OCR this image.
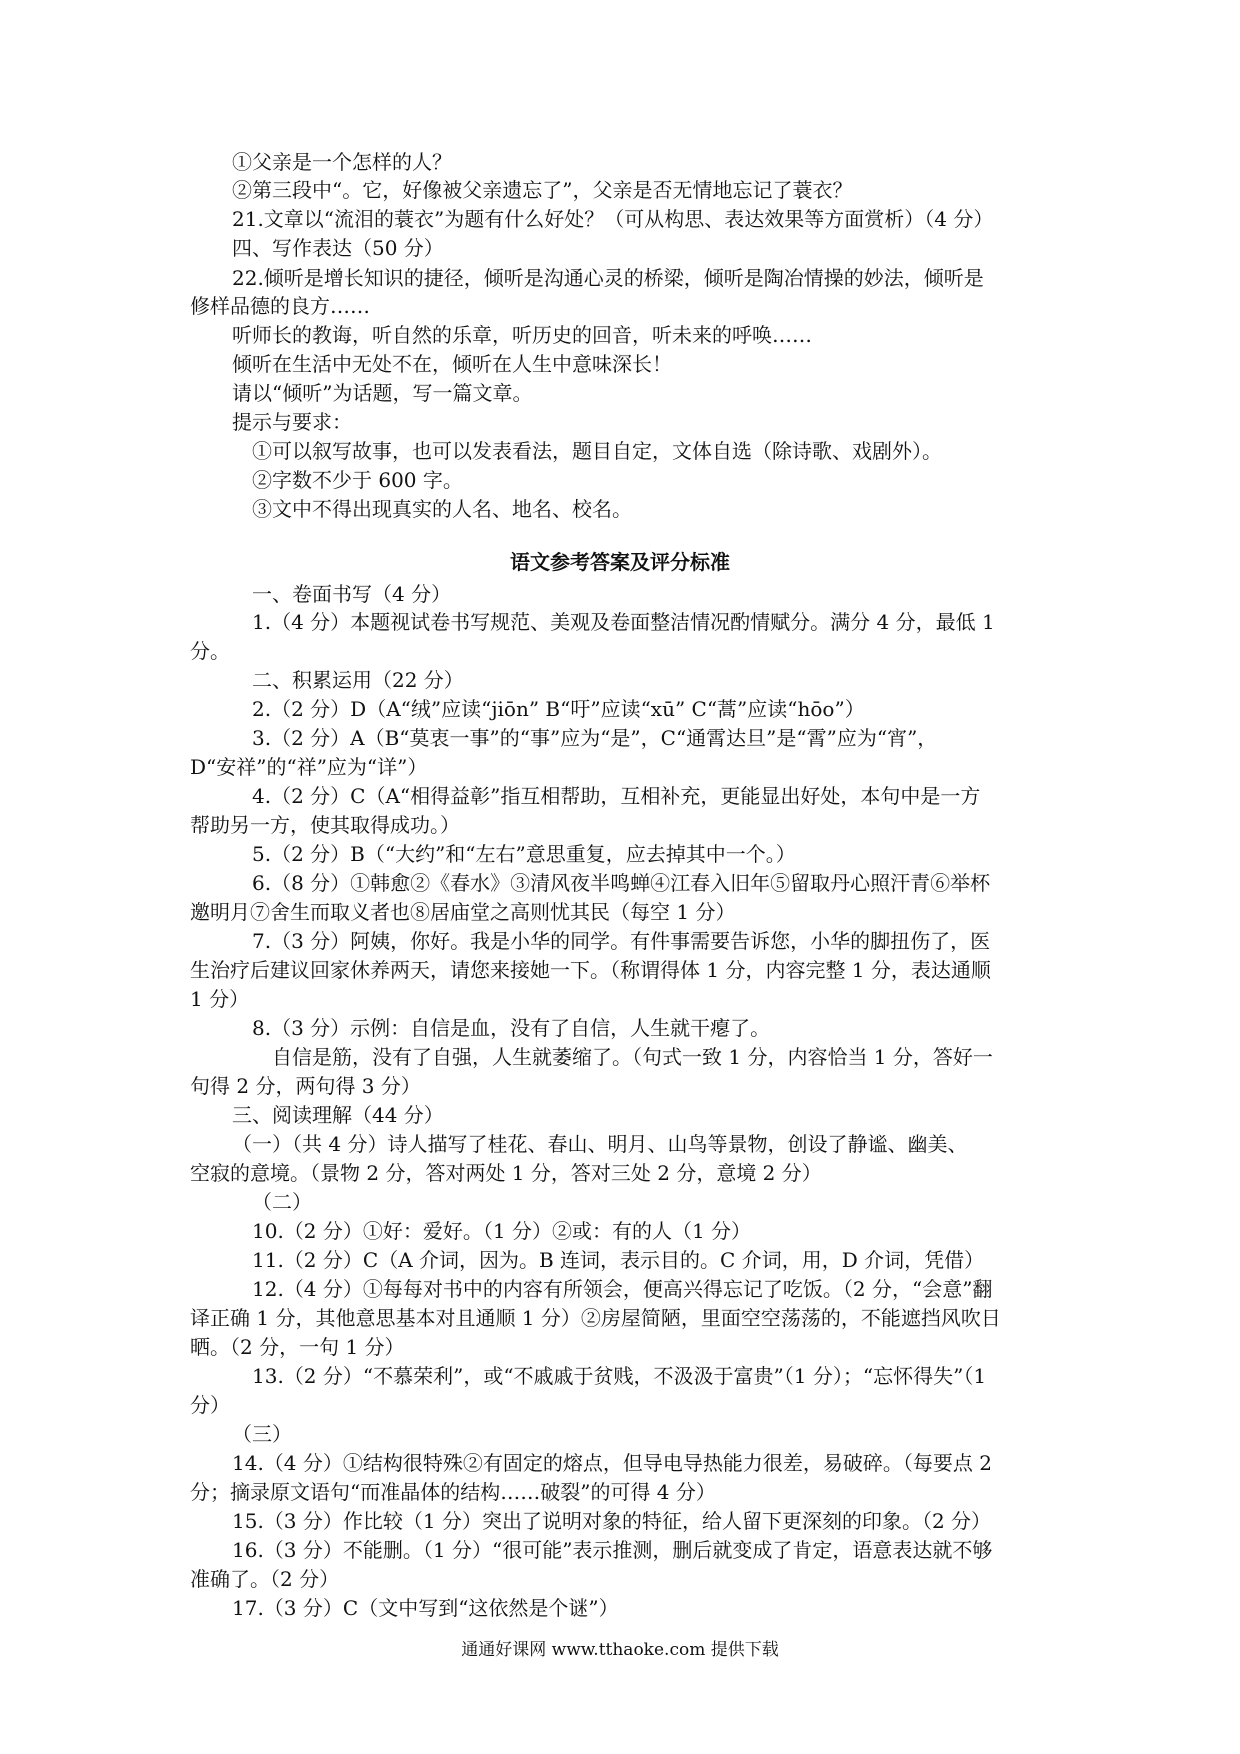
①父亲是一个怎样的人？
②第三段中“。它，好像被父亲遗忘了”，父亲是否无情地忘记了蓑衣？
21.文章以“流泪的蓑衣”为题有什么好处？（可从构思、表达效果等方面赏析）（4 分）
四、写作表达（50 分）
22.倾听是增长知识的捷径，倾听是沟通心灵的桥梁，倾听是陶冶情操的妙法，倾听是
修样品德的良方……
听师长的教诲，听自然的乐章，听历史的回音，听未来的呼唤……
倾听在生活中无处不在，倾听在人生中意味深长！
请以“倾听”为话题，写一篇文章。
提示与要求：
①可以叙写故事，也可以发表看法，题目自定，文体自选（除诗歌、戏剧外）。
②字数不少于 600 字。
③文中不得出现真实的人名、地名、校名。
语文参考答案及评分标准
一、卷面书写（4 分）
1.（4 分）本题视试卷书写规范、美观及卷面整洁情况酌情赋分。满分 4 分，最低 1
分。
二、积累运用（22 分）
2.（2 分）D（A“绒”应读“jiōn” B“吁”应读“xū” C“蒿”应读“hōo”）
3.（2 分）A（B“莫衷一事”的“事”应为“是”，C“通霄达旦”是“霄”应为“宵”，
D“安祥”的“祥”应为“详”）
4.（2 分）C（A“相得益彰”指互相帮助，互相补充，更能显出好处，本句中是一方
帮助另一方，使其取得成功。）
5.（2 分）B（“大约”和“左右”意思重复，应去掉其中一个。）
6.（8 分）①韩愈②《春水》③清风夜半鸣蝉④江春入旧年⑤留取丹心照汗青⑥举杯
邀明月⑦舍生而取义者也⑧居庙堂之高则忧其民（每空 1 分）
7.（3 分）阿姨，你好。我是小华的同学。有件事需要告诉您，小华的脚扭伤了，医
生治疗后建议回家休养两天，请您来接她一下。（称谓得体 1 分，内容完整 1 分，表达通顺
1 分）
8.（3 分）示例：自信是血，没有了自信，人生就干瘪了。
自信是筋，没有了自强，人生就萎缩了。（句式一致 1 分，内容恰当 1 分，答好一
句得 2 分，两句得 3 分）
三、阅读理解（44 分）
（一）（共 4 分）诗人描写了桂花、春山、明月、山鸟等景物，创设了静谧、幽美、
空寂的意境。（景物 2 分，答对两处 1 分，答对三处 2 分，意境 2 分）
（二）
10.（2 分）①好：爱好。（1 分）②或：有的人（1 分）
11.（2 分）C（A 介词，因为。B 连词，表示目的。C 介词，用，D 介词，凭借）
12.（4 分）①每每对书中的内容有所领会，便高兴得忘记了吃饭。（2 分，“会意”翻
译正确 1 分，其他意思基本对且通顺 1 分）②房屋简陋，里面空空荡荡的，不能遮挡风吹日
晒。（2 分，一句 1 分）
13.（2 分）“不慕荣利”，或“不戚戚于贫贱，不汲汲于富贵”（1 分）；“忘怀得失”（1
分）
（三）
14.（4 分）①结构很特殊②有固定的熔点，但导电导热能力很差，易破碎。（每要点 2
分；摘录原文语句“而准晶体的结构……破裂”的可得 4 分）
15.（3 分）作比较（1 分）突出了说明对象的特征，给人留下更深刻的印象。（2 分）
16.（3 分）不能删。（1 分）“很可能”表示推测，删后就变成了肯定，语意表达就不够
准确了。（2 分）
17.（3 分）C（文中写到“这依然是个谜”）
通通好课网 www.tthaoke.com 提供下载
